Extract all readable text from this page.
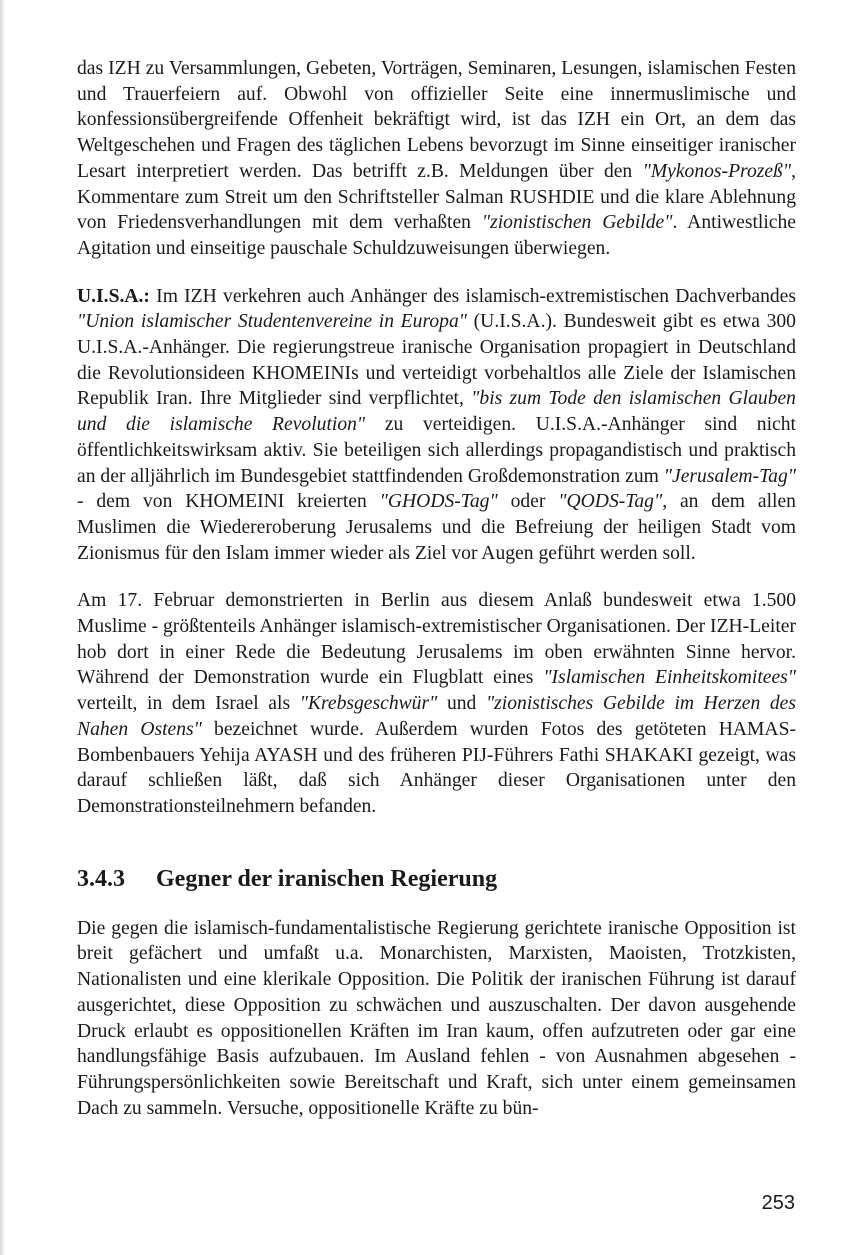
das IZH zu Versammlungen, Gebeten, Vorträgen, Seminaren, Lesungen, islamischen Festen und Trauerfeiern auf. Obwohl von offizieller Seite eine innermuslimische und konfessionsübergreifende Offenheit bekräftigt wird, ist das IZH ein Ort, an dem das Weltgeschehen und Fragen des täglichen Lebens bevorzugt im Sinne einseitiger iranischer Lesart interpretiert werden. Das betrifft z.B. Meldungen über den "Mykonos-Prozeß", Kommentare zum Streit um den Schriftsteller Salman RUSHDIE und die klare Ablehnung von Friedensverhandlungen mit dem verhaßten "zionistischen Gebilde". Antiwestliche Agitation und einseitige pauschale Schuldzuweisungen überwiegen.

U.I.S.A.: Im IZH verkehren auch Anhänger des islamisch-extremistischen Dachverbandes "Union islamischer Studentenvereine in Europa" (U.I.S.A.). Bundesweit gibt es etwa 300 U.I.S.A.-Anhänger. Die regierungstreue iranische Organisation propagiert in Deutschland die Revolutionsideen KHOMEINIs und verteidigt vorbehaltlos alle Ziele der Islamischen Republik Iran. Ihre Mitglieder sind verpflichtet, "bis zum Tode den islamischen Glauben und die islamische Revolution" zu verteidigen. U.I.S.A.-Anhänger sind nicht öffentlichkeitswirksam aktiv. Sie beteiligen sich allerdings propagandistisch und praktisch an der alljährlich im Bundesgebiet stattfindenden Großdemonstration zum "Jerusalem-Tag" - dem von KHOMEINI kreierten "GHODS-Tag" oder "QODS-Tag", an dem allen Muslimen die Wiedereroberung Jerusalems und die Befreiung der heiligen Stadt vom Zionismus für den Islam immer wieder als Ziel vor Augen geführt werden soll.

Am 17. Februar demonstrierten in Berlin aus diesem Anlaß bundesweit etwa 1.500 Muslime - größtenteils Anhänger islamisch-extremistischer Organisationen. Der IZH-Leiter hob dort in einer Rede die Bedeutung Jerusalems im oben erwähnten Sinne hervor. Während der Demonstration wurde ein Flugblatt eines "Islamischen Einheitskomitees" verteilt, in dem Israel als "Krebsgeschwür" und "zionistisches Gebilde im Herzen des Nahen Ostens" bezeichnet wurde. Außerdem wurden Fotos des getöteten HAMAS-Bombenbauers Yehija AYASH und des früheren PIJ-Führers Fathi SHAKAKI gezeigt, was darauf schließen läßt, daß sich Anhänger dieser Organisationen unter den Demonstrationsteilnehmern befanden.

3.4.3 Gegner der iranischen Regierung

Die gegen die islamisch-fundamentalistische Regierung gerichtete iranische Opposition ist breit gefächert und umfaßt u.a. Monarchisten, Marxisten, Maoisten, Trotzkisten, Nationalisten und eine klerikale Opposition. Die Politik der iranischen Führung ist darauf ausgerichtet, diese Opposition zu schwächen und auszuschalten. Der davon ausgehende Druck erlaubt es oppositionellen Kräften im Iran kaum, offen aufzutreten oder gar eine handlungsfähige Basis aufzubauen. Im Ausland fehlen - von Ausnahmen abgesehen - Führungspersönlichkeiten sowie Bereitschaft und Kraft, sich unter einem gemeinsamen Dach zu sammeln. Versuche, oppositionelle Kräfte zu bün-

253
